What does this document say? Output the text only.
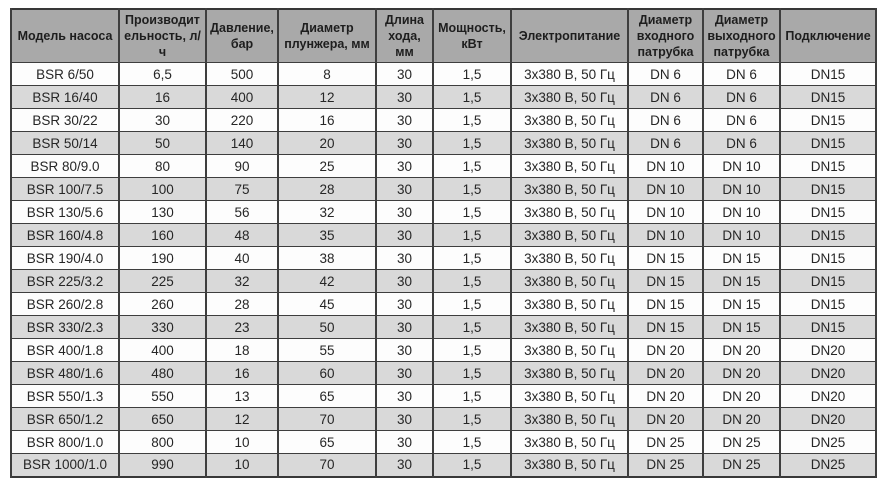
Модель насоса	Производительность, л/ч	Давление, бар	Диаметр плунжера, мм	Длина хода, мм	Мощность, кВт	Электропитание	Диаметр входного патрубка	Диаметр выходного патрубка	Подключение
BSR 6/50	6,5	500	8	30	1,5	3x380 В, 50 Гц	DN 6	DN 6	DN15
BSR 16/40	16	400	12	30	1,5	3x380 В, 50 Гц	DN 6	DN 6	DN15
BSR 30/22	30	220	16	30	1,5	3x380 В, 50 Гц	DN 6	DN 6	DN15
BSR 50/14	50	140	20	30	1,5	3x380 В, 50 Гц	DN 6	DN 6	DN15
BSR 80/9.0	80	90	25	30	1,5	3x380 В, 50 Гц	DN 10	DN 10	DN15
BSR 100/7.5	100	75	28	30	1,5	3x380 В, 50 Гц	DN 10	DN 10	DN15
BSR 130/5.6	130	56	32	30	1,5	3x380 В, 50 Гц	DN 10	DN 10	DN15
BSR 160/4.8	160	48	35	30	1,5	3x380 В, 50 Гц	DN 10	DN 10	DN15
BSR 190/4.0	190	40	38	30	1,5	3x380 В, 50 Гц	DN 15	DN 15	DN15
BSR 225/3.2	225	32	42	30	1,5	3x380 В, 50 Гц	DN 15	DN 15	DN15
BSR 260/2.8	260	28	45	30	1,5	3x380 В, 50 Гц	DN 15	DN 15	DN15
BSR 330/2.3	330	23	50	30	1,5	3x380 В, 50 Гц	DN 15	DN 15	DN15
BSR 400/1.8	400	18	55	30	1,5	3x380 В, 50 Гц	DN 20	DN 20	DN20
BSR 480/1.6	480	16	60	30	1,5	3x380 В, 50 Гц	DN 20	DN 20	DN20
BSR 550/1.3	550	13	65	30	1,5	3x380 В, 50 Гц	DN 20	DN 20	DN20
BSR 650/1.2	650	12	70	30	1,5	3x380 В, 50 Гц	DN 20	DN 20	DN20
BSR 800/1.0	800	10	65	30	1,5	3x380 В, 50 Гц	DN 25	DN 25	DN25
BSR 1000/1.0	990	10	70	30	1,5	3x380 В, 50 Гц	DN 25	DN 25	DN25
